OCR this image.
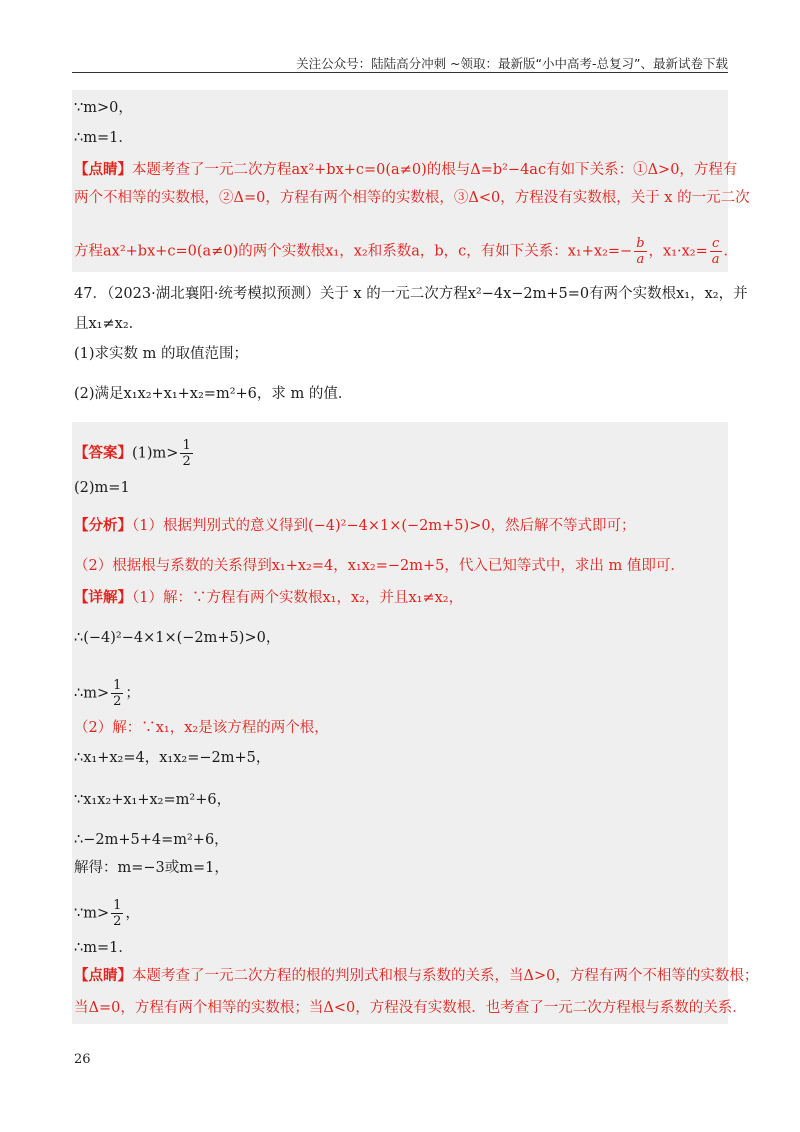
关注公众号：陆陆高分冲刺 ~领取：最新版“小中高考-总复习”、最新试卷下载
∵m>0，
∴m=1．
【点睛】本题考查了一元二次方程ax²+bx+c=0(a≠0)的根与Δ=b²−4ac有如下关系：①Δ>0，方程有
两个不相等的实数根，②Δ=0，方程有两个相等的实数根，③Δ<0，方程没有实数根，关于 x 的一元二次
方程ax²+bx+c=0(a≠0)的两个实数根x₁，x₂和系数a，b，c，有如下关系：$x_1+x_2=- \frac{b}{a}$ ，$x_1\cdot x_2= \frac{c}{a}$ ．
47．（2023·湖北襄阳·统考模拟预测）关于 x 的一元二次方程x²−4x−2m+5=0有两个实数根x₁，x₂，并
且x₁≠x₂．
(1)求实数 m 的取值范围；
(2)满足x₁x₂+x₁+x₂=m²+6，求 m 的值．
【答案】$(1)m> \frac{1}{2}$
(2)m=1
【分析】（1）根据判别式的意义得到(−4)²−4×1×(−2m+5)>0，然后解不等式即可；
（2）根据根与系数的关系得到x₁+x₂=4，x₁x₂=−2m+5，代入已知等式中，求出 m 值即可．
【详解】（1）解：∵方程有两个实数根x₁，x₂，并且x₁≠x₂，
∴(−4)²−4×1×(−2m+5)>0，
∴m> $\frac{1}{2}$ ；
（2）解：∵x₁，x₂是该方程的两个根，
∴x₁+x₂=4，x₁x₂=−2m+5，
∵x₁x₂+x₁+x₂=m²+6，
∴−2m+5+4=m²+6，
解得：m=−3或m=1，
∵m> $\frac{1}{2}$ ，
∴m=1．
【点睛】本题考查了一元二次方程的根的判别式和根与系数的关系，当Δ>0，方程有两个不相等的实数根；
当Δ=0，方程有两个相等的实数根；当Δ<0，方程没有实数根．也考查了一元二次方程根与系数的关系．
26
